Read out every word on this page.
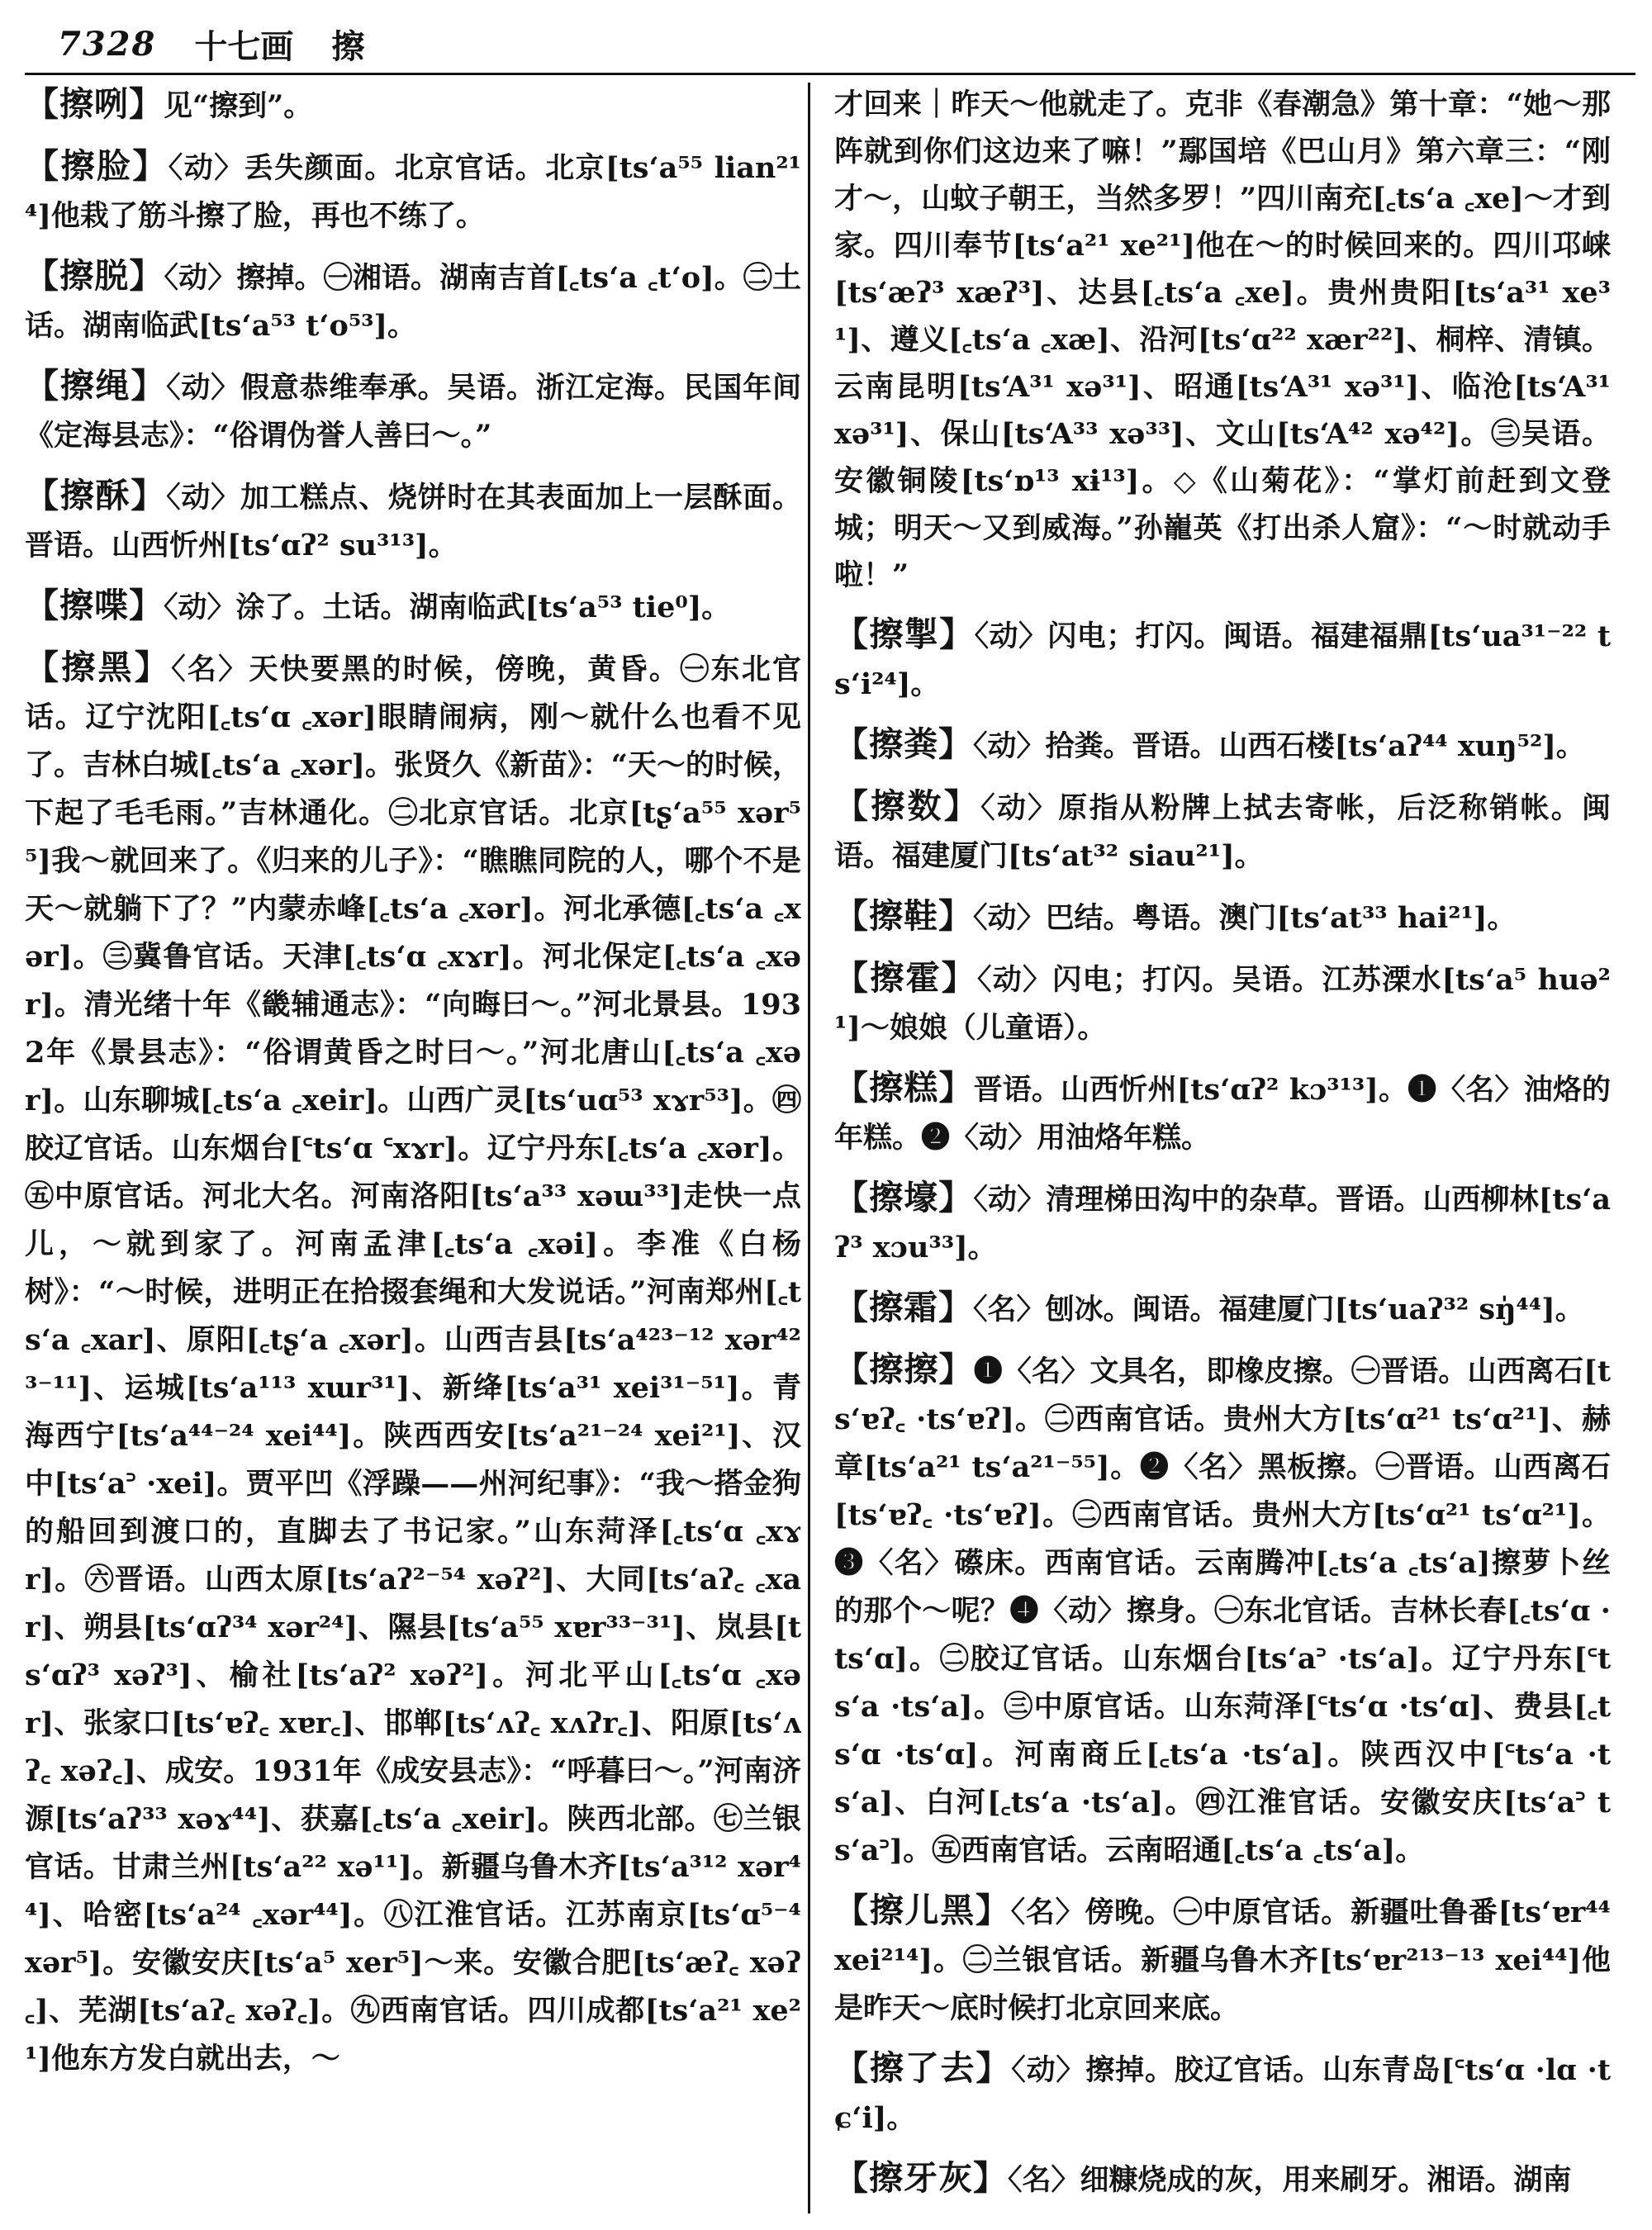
7328 十七画 擦

【擦咧】见“擦到”。

【擦脸】〈动〉丢失颜面。北京官话。北京[ts‘a⁵⁵ lian²¹⁴]他栽了筋斗擦了脸，再也不练了。

【擦脱】〈动〉擦掉。㊀湘语。湖南吉首[꜀ts‘a ꜀t‘o]。㊁土话。湖南临武[ts‘a⁵³ t‘o⁵³]。

【擦绳】〈动〉假意恭维奉承。吴语。浙江定海。民国年间《定海县志》：“俗谓伪誉人善曰～。”

【擦酥】〈动〉加工糕点、烧饼时在其表面加上一层酥面。晋语。山西忻州[ts‘ɑʔ² su³¹³]。

【擦喋】〈动〉涂了。土话。湖南临武[ts‘a⁵³ tie⁰]。

【擦黑】〈名〉天快要黑的时候，傍晚，黄昏。㊀东北官话。辽宁沈阳[꜀ts‘ɑ ꜀xər]眼睛闹病，刚～就什么也看不见了。吉林白城[꜀ts‘a ꜀xər]。张贤久《新苗》：“天～的时候，下起了毛毛雨。”吉林通化。㊁北京官话。北京[tʂ‘a⁵⁵ xər⁵⁵]我～就回来了。《归来的儿子》：“瞧瞧同院的人，哪个不是天～就躺下了？”内蒙赤峰[꜀ts‘a ꜀xər]。河北承德[꜀ts‘a ꜀xər]。㊂冀鲁官话。天津[꜀ts‘ɑ ꜀xɤr]。河北保定[꜀ts‘a ꜀xər]。清光绪十年《畿辅通志》：“向晦曰～。”河北景县。1932年《景县志》：“俗谓黄昏之时曰～。”河北唐山[꜀ts‘a ꜀xər]。山东聊城[꜀ts‘a ꜀xeir]。山西广灵[ts‘uɑ⁵³ xɤr⁵³]。㊃胶辽官话。山东烟台[꜂ts‘ɑ ꜂xɤr]。辽宁丹东[꜀ts‘a ꜀xər]。㊄中原官话。河北大名。河南洛阳[ts‘a³³ xəɯ³³]走快一点儿，～就到家了。河南孟津[꜀ts‘a ꜀xəi]。李准《白杨树》：“～时候，进明正在拾掇套绳和大发说话。”河南郑州[꜀ts‘a ꜀xar]、原阳[꜀tʂ‘a ꜀xər]。山西吉县[ts‘a⁴²³⁻¹² xər⁴²³⁻¹¹]、运城[ts‘a¹¹³ xɯr³¹]、新绛[ts‘a³¹ xei³¹⁻⁵¹]。青海西宁[ts‘a⁴⁴⁻²⁴ xei⁴⁴]。陕西西安[ts‘a²¹⁻²⁴ xei²¹]、汉中[ts‘a꜄ ·xei]。贾平凹《浮躁——州河纪事》：“我～搭金狗的船回到渡口的，直脚去了书记家。”山东菏泽[꜀ts‘ɑ ꜀xɤr]。㊅晋语。山西太原[ts‘aʔ²⁻⁵⁴ xəʔ²]、大同[ts‘aʔ꜀ ꜀xar]、朔县[ts‘ɑʔ³⁴ xər²⁴]、隰县[ts‘a⁵⁵ xɐr³³⁻³¹]、岚县[ts‘ɑʔ³ xəʔ³]、榆社[ts‘aʔ² xəʔ²]。河北平山[꜀ts‘ɑ ꜀xər]、张家口[ts‘ɐʔ꜀ xɐr꜀]、邯郸[ts‘ʌʔ꜀ xʌʔr꜀]、阳原[ts‘ʌʔ꜀ xəʔ꜀]、成安。1931年《成安县志》：“呼暮曰～。”河南济源[ts‘aʔ³³ xəɤ⁴⁴]、获嘉[꜀ts‘a ꜀xeir]。陕西北部。㊆兰银官话。甘肃兰州[ts‘a²² xə¹¹]。新疆乌鲁木齐[ts‘a³¹² xər⁴⁴]、哈密[ts‘a²⁴ ꜀xər⁴⁴]。㊇江淮官话。江苏南京[ts‘ɑ⁵⁻⁴ xər⁵]。安徽安庆[ts‘a⁵ xer⁵]～来。安徽合肥[ts‘æʔ꜀ xəʔ꜀]、芜湖[ts‘aʔ꜀ xəʔ꜀]。㊈西南官话。四川成都[ts‘a²¹ xe²¹]他东方发白就出去，～

才回来｜昨天～他就走了。克非《春潮急》第十章：“她～那阵就到你们这边来了嘛！”鄢国培《巴山月》第六章三：“刚才～，山蚊子朝王，当然多罗！”四川南充[꜀ts‘a ꜀xe]～才到家。四川奉节[ts‘a²¹ xe²¹]他在～的时候回来的。四川邛崃[ts‘æʔ³ xæʔ³]、达县[꜀ts‘a ꜀xe]。贵州贵阳[ts‘a³¹ xe³¹]、遵义[꜀ts‘a ꜀xæ]、沿河[ts‘ɑ²² xær²²]、桐梓、清镇。云南昆明[ts‘A³¹ xə³¹]、昭通[ts‘A³¹ xə³¹]、临沧[ts‘A³¹ xə³¹]、保山[ts‘A³³ xə³³]、文山[ts‘A⁴² xə⁴²]。㊂吴语。安徽铜陵[ts‘ɒ¹³ xɨ¹³]。◇《山菊花》：“掌灯前赶到文登城；明天～又到威海。”孙巃英《打出杀人窟》：“～时就动手啦！”

【擦掣】〈动〉闪电；打闪。闽语。福建福鼎[ts‘ua³¹⁻²² ts‘i²⁴]。

【擦粪】〈动〉拾粪。晋语。山西石楼[ts‘aʔ⁴⁴ xuŋ⁵²]。

【擦数】〈动〉原指从粉牌上拭去寄帐，后泛称销帐。闽语。福建厦门[ts‘at³² siau²¹]。

【擦鞋】〈动〉巴结。粤语。澳门[ts‘at³³ hai²¹]。

【擦霍】〈动〉闪电；打闪。吴语。江苏溧水[ts‘a⁵ huə²¹]～娘娘（儿童语）。

【擦糕】晋语。山西忻州[ts‘ɑʔ² kɔ³¹³]。❶〈名〉油烙的年糕。❷〈动〉用油烙年糕。

【擦壕】〈动〉清理梯田沟中的杂草。晋语。山西柳林[ts‘aʔ³ xɔu³³]。

【擦霜】〈名〉刨冰。闽语。福建厦门[ts‘uaʔ³² sŋ̍⁴⁴]。

【擦擦】❶〈名〉文具名，即橡皮擦。㊀晋语。山西离石[ts‘ɐʔ꜀ ·ts‘ɐʔ]。㊁西南官话。贵州大方[ts‘ɑ²¹ ts‘ɑ²¹]、赫章[ts‘a²¹ ts‘a²¹⁻⁵⁵]。❷〈名〉黑板擦。㊀晋语。山西离石[ts‘ɐʔ꜀ ·ts‘ɐʔ]。㊁西南官话。贵州大方[ts‘ɑ²¹ ts‘ɑ²¹]。❸〈名〉礤床。西南官话。云南腾冲[꜀ts‘a ꜀ts‘a]擦萝卜丝的那个～呢？❹〈动〉擦身。㊀东北官话。吉林长春[꜀ts‘ɑ ·ts‘ɑ]。㊁胶辽官话。山东烟台[ts‘a꜄ ·ts‘a]。辽宁丹东[꜂ts‘a ·ts‘a]。㊂中原官话。山东菏泽[꜂ts‘ɑ ·ts‘ɑ]、费县[꜀ts‘ɑ ·ts‘ɑ]。河南商丘[꜀ts‘a ·ts‘a]。陕西汉中[꜂ts‘a ·ts‘a]、白河[꜀ts‘a ·ts‘a]。㊃江淮官话。安徽安庆[ts‘a꜄ ts‘a꜄]。㊄西南官话。云南昭通[꜀ts‘a ꜀ts‘a]。

【擦儿黑】〈名〉傍晚。㊀中原官话。新疆吐鲁番[ts‘ɐr⁴⁴ xei²¹⁴]。㊁兰银官话。新疆乌鲁木齐[ts‘ɐr²¹³⁻¹³ xei⁴⁴]他是昨天～底时候打北京回来底。

【擦了去】〈动〉擦掉。胶辽官话。山东青岛[꜂ts‘ɑ ·lɑ ·tɕ‘i]。

【擦牙灰】〈名〉细糠烧成的灰，用来刷牙。湘语。湖南
